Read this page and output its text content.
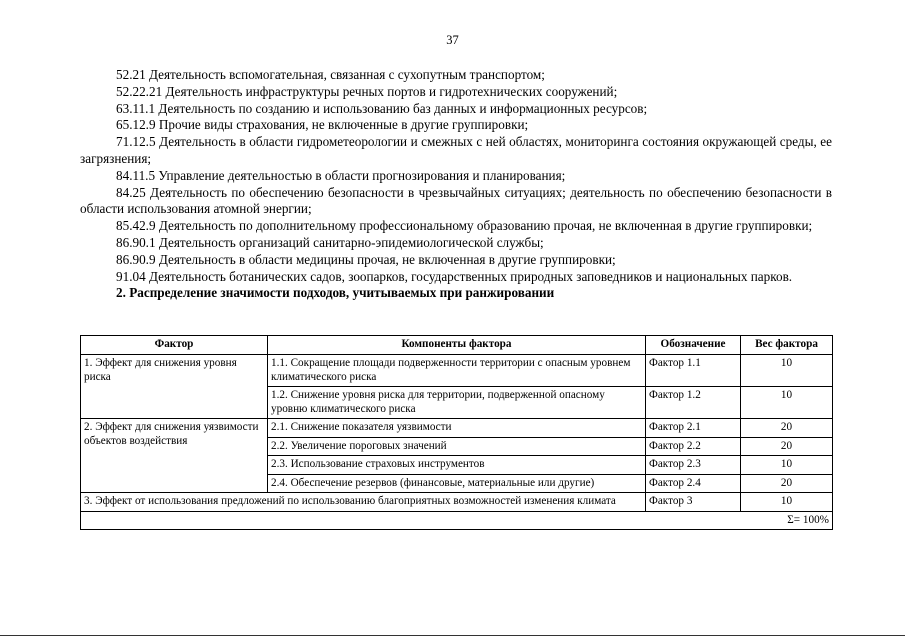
37

52.21 Деятельность вспомогательная, связанная с сухопутным транспортом;

52.22.21 Деятельность инфраструктуры речных портов и гидротехнических сооружений;

63.11.1 Деятельность по созданию и использованию баз данных и информационных ресурсов;

65.12.9 Прочие виды страхования, не включенные в другие группировки;

71.12.5 Деятельность в области гидрометеорологии и смежных с ней областях, мониторинга состояния окружающей среды, ее загрязнения;

84.11.5 Управление деятельностью в области прогнозирования и планирования;

84.25 Деятельность по обеспечению безопасности в чрезвычайных ситуациях; деятельность по обеспечению безопасности в области использования атомной энергии;

85.42.9 Деятельность по дополнительному профессиональному образованию прочая, не включенная в другие группировки;

86.90.1 Деятельность организаций санитарно-эпидемиологической службы;

86.90.9 Деятельность в области медицины прочая, не включенная в другие группировки;

91.04 Деятельность ботанических садов, зоопарков, государственных природных заповедников и национальных парков.

2. Распределение значимости подходов, учитываемых при ранжировании

Фактор	Компоненты фактора	Обозначение	Вес фактора
1. Эффект для снижения уровня риска	1.1. Сокращение площади подверженности территории с опасным уровнем климатического риска	Фактор 1.1	10
	1.2. Снижение уровня риска для территории, подверженной опасному уровню климатического риска	Фактор 1.2	10
2. Эффект для снижения уязвимости объектов воздействия	2.1. Снижение показателя уязвимости	Фактор 2.1	20
	2.2. Увеличение пороговых значений	Фактор 2.2	20
	2.3. Использование страховых инструментов	Фактор 2.3	10
	2.4. Обеспечение резервов (финансовые, материальные или другие)	Фактор 2.4	20
3. Эффект от использования предложений по использованию благоприятных возможностей изменения климата		Фактор 3	10
Σ= 100%			
